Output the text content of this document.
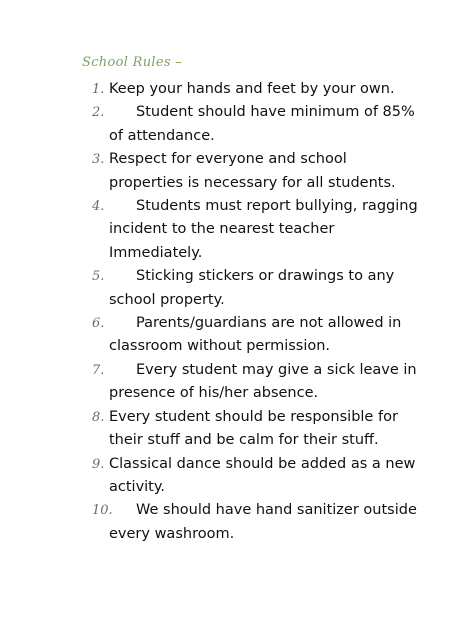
School Rules –
1. Keep your hands and feet by your own.
2.	Student should have minimum of 85% of attendance.
3. Respect for everyone and school properties is necessary for all students.
4.	Students must report bullying, ragging incident to the nearest teacher Immediately.
5.	Sticking stickers or drawings to any school property.
6.	Parents/guardians are not allowed in classroom without permission.
7.	Every student may give a sick leave in presence of his/her absence.
8. Every student should be responsible for their stuff and be calm for their stuff.
9. Classical dance should be added as a new activity.
10.	We should have hand sanitizer outside every washroom.
